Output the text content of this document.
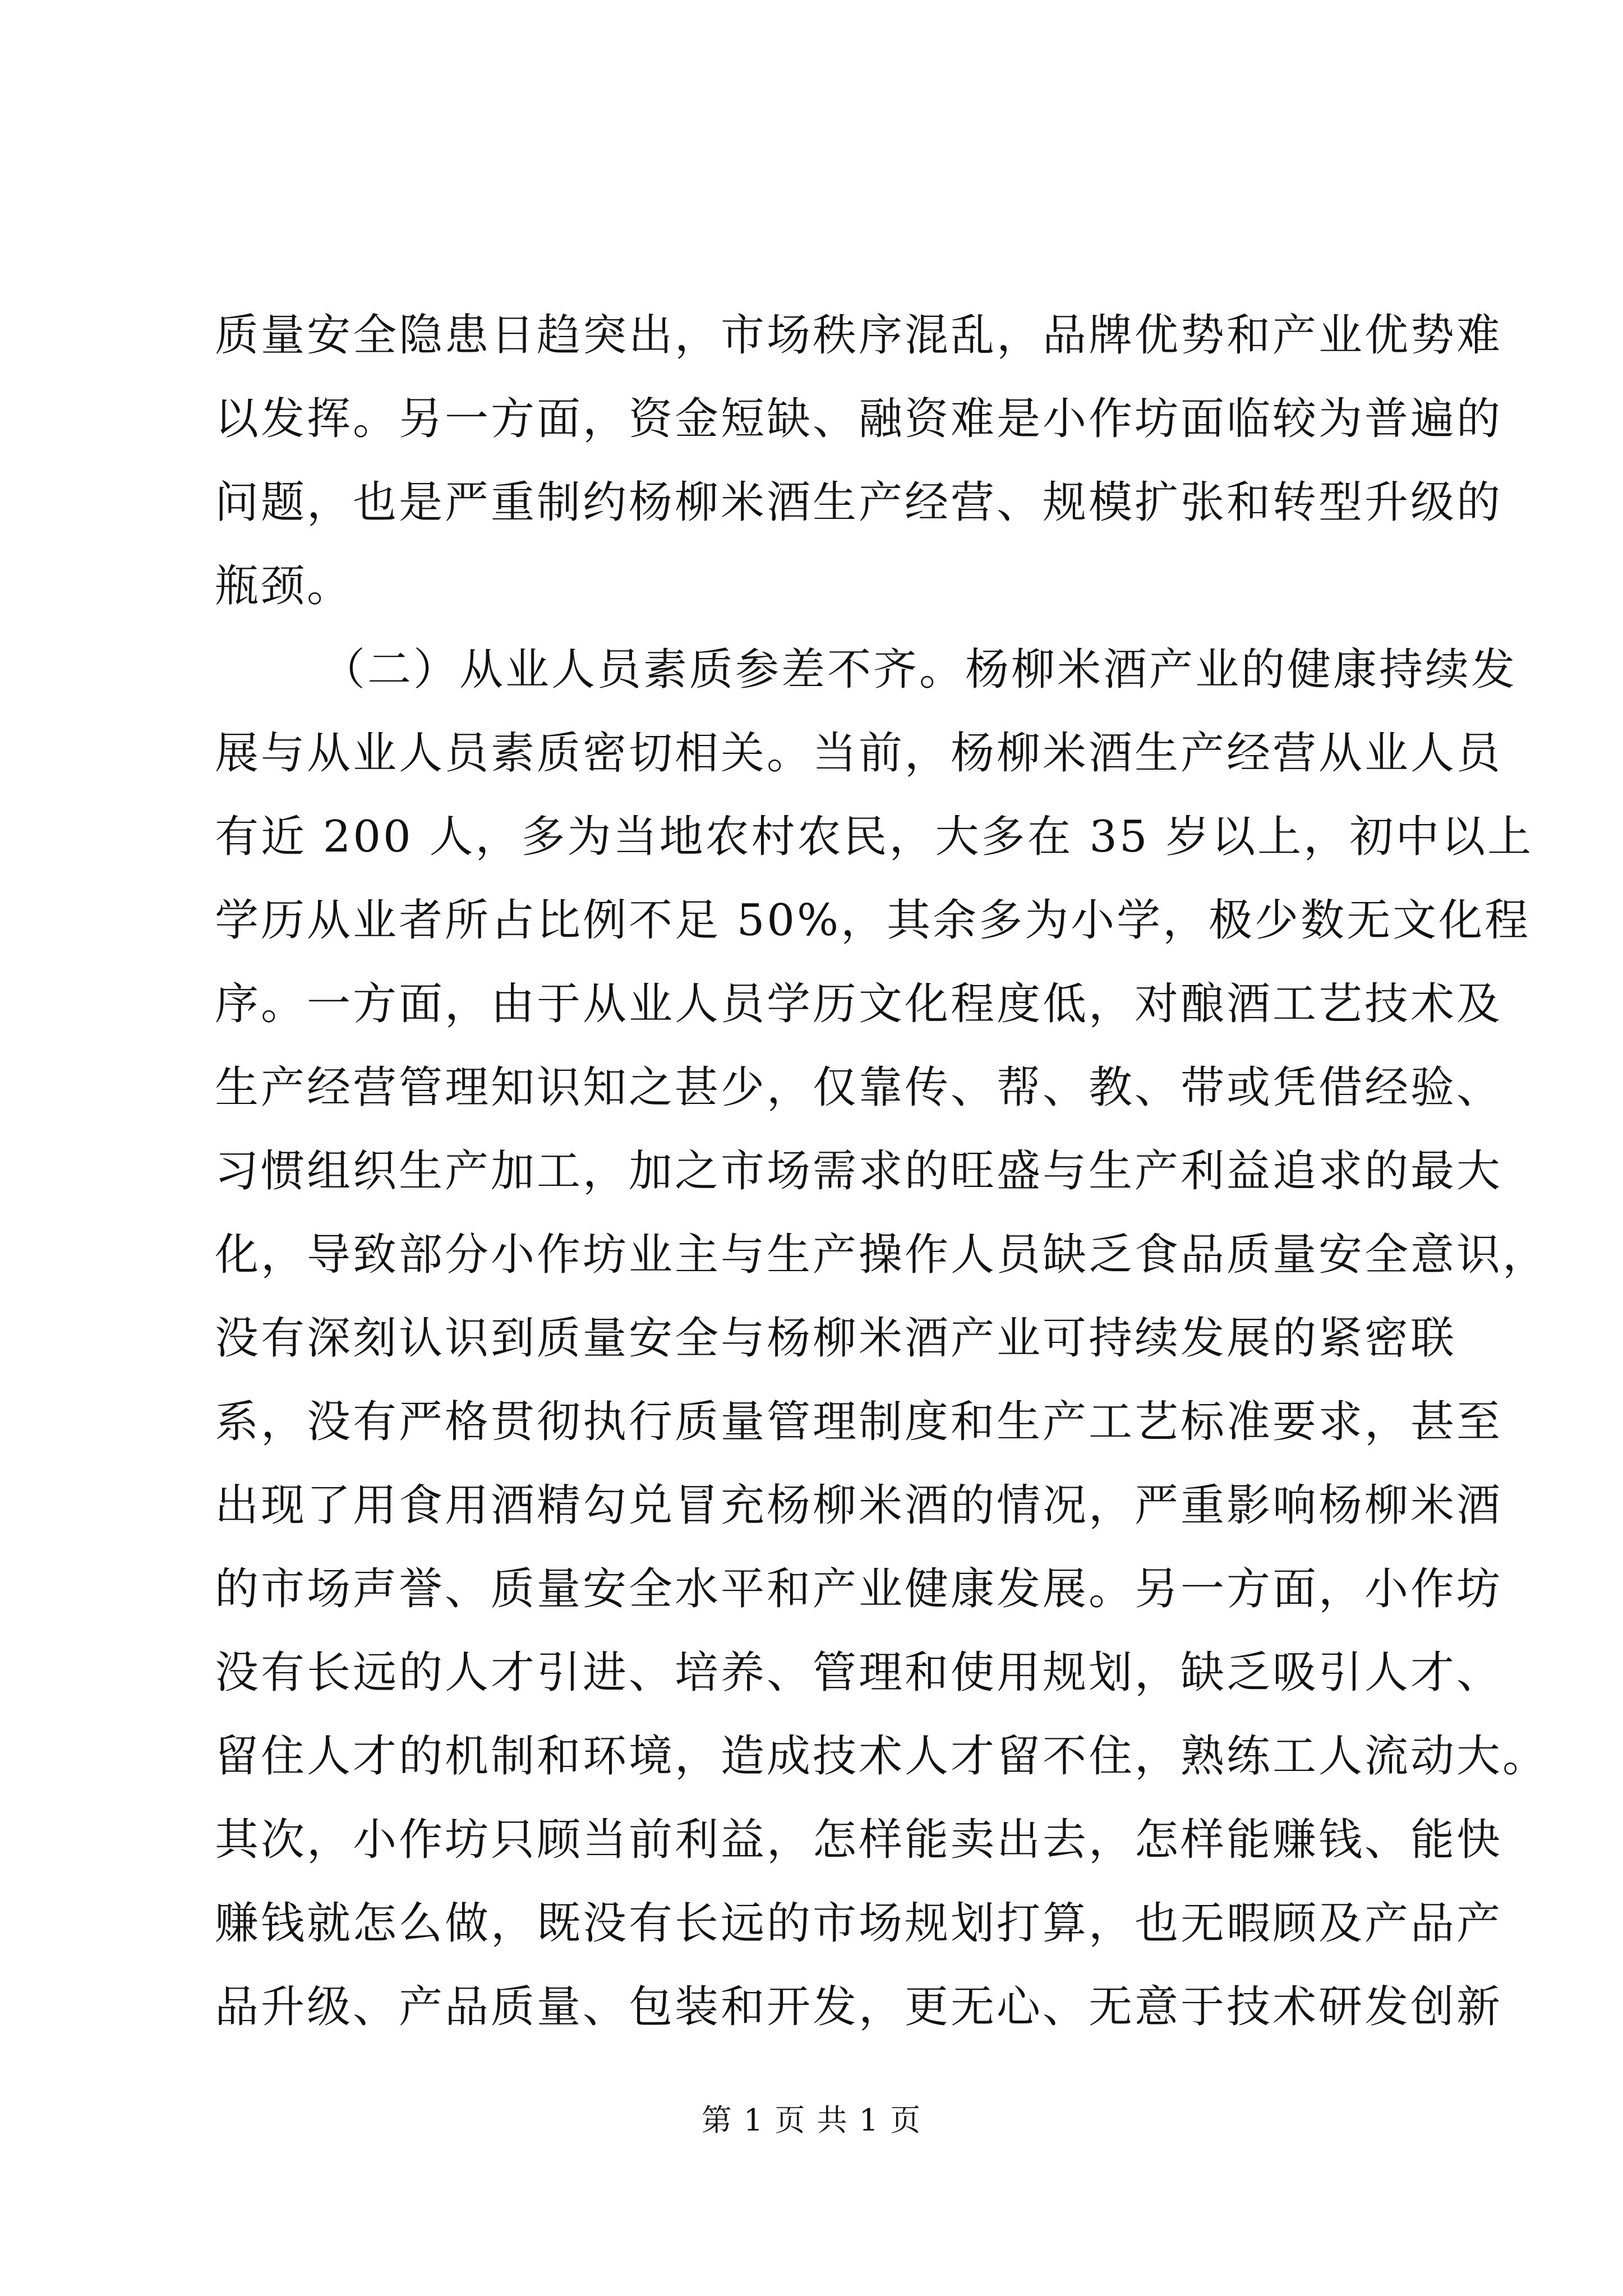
质量安全隐患日趋突出，市场秩序混乱，品牌优势和产业优势难
以发挥。另一方面，资金短缺、融资难是小作坊面临较为普遍的
问题，也是严重制约杨柳米酒生产经营、规模扩张和转型升级的
瓶颈。
（二）从业人员素质参差不齐。杨柳米酒产业的健康持续发
展与从业人员素质密切相关。当前，杨柳米酒生产经营从业人员
有近 200 人，多为当地农村农民，大多在 35 岁以上，初中以上
学历从业者所占比例不足 50%，其余多为小学，极少数无文化程
序。一方面，由于从业人员学历文化程度低，对酿酒工艺技术及
生产经营管理知识知之甚少，仅靠传、帮、教、带或凭借经验、
习惯组织生产加工，加之市场需求的旺盛与生产利益追求的最大
化，导致部分小作坊业主与生产操作人员缺乏食品质量安全意识，
没有深刻认识到质量安全与杨柳米酒产业可持续发展的紧密联
系，没有严格贯彻执行质量管理制度和生产工艺标准要求，甚至
出现了用食用酒精勾兑冒充杨柳米酒的情况，严重影响杨柳米酒
的市场声誉、质量安全水平和产业健康发展。另一方面，小作坊
没有长远的人才引进、培养、管理和使用规划，缺乏吸引人才、
留住人才的机制和环境，造成技术人才留不住，熟练工人流动大。
其次，小作坊只顾当前利益，怎样能卖出去，怎样能赚钱、能快
赚钱就怎么做，既没有长远的市场规划打算，也无暇顾及产品产
品升级、产品质量、包装和开发，更无心、无意于技术研发创新
第 1 页 共 1 页
